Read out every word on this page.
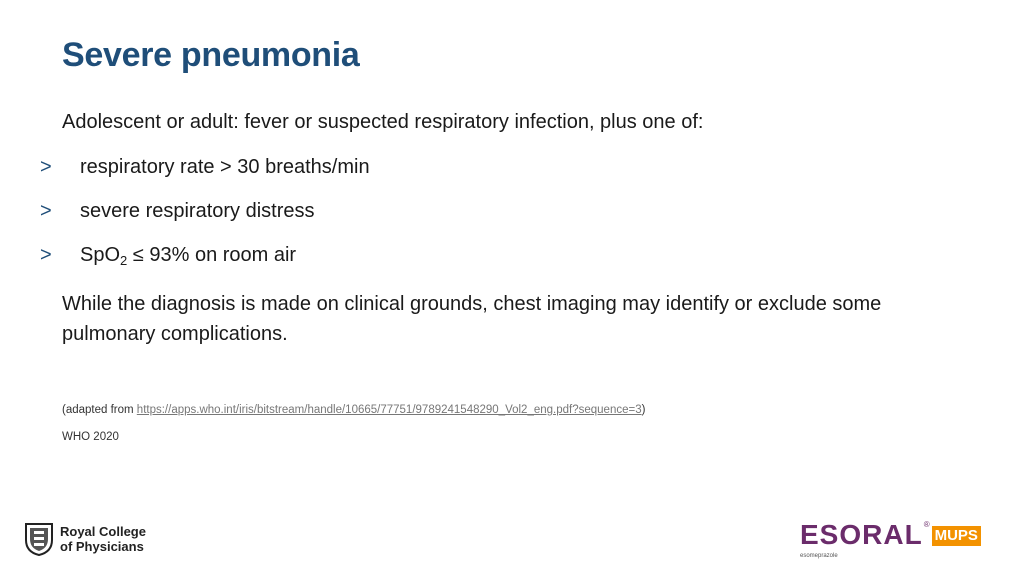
Severe pneumonia
Adolescent or adult: fever or suspected respiratory infection, plus one of:
>	respiratory rate > 30 breaths/min
>	severe respiratory distress
>	SpO$_2$ ≤ 93% on room air
While the diagnosis is made on clinical grounds, chest imaging may identify or exclude some pulmonary complications.
(adapted from https://apps.who.int/iris/bitstream/handle/10665/77751/9789241548290_Vol2_eng.pdf?sequence=3)
WHO 2020
Royal College
of Physicians	ESORAL ®
MUPS
esomeprazole
